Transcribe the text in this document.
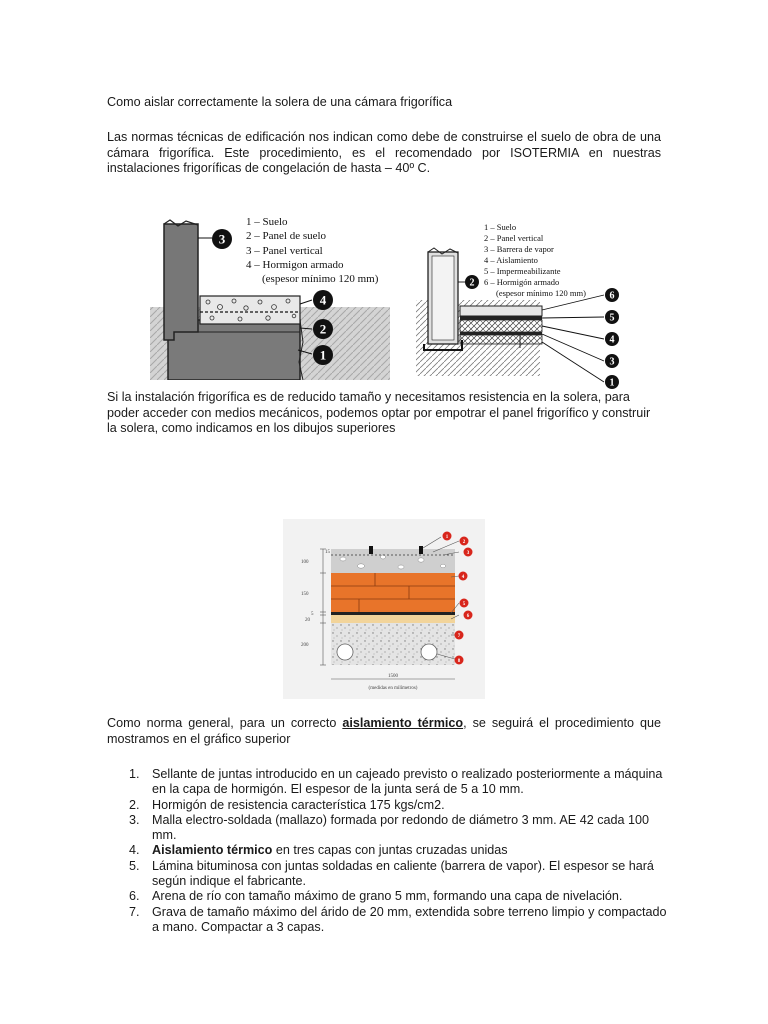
Como aislar correctamente la solera de una cámara frigorífica
Las normas técnicas de edificación nos indican como debe de construirse el suelo de obra de una cámara frigorífica. Este procedimiento, es el recomendado por ISOTERMIA en nuestras instalaciones frigoríficas de congelación de hasta – 40º C.
3
4
2
1
1 – Suelo
2 – Panel de suelo
3 – Panel vertical
4 – Hormigon armado
(espesor mínimo 120 mm)	2
6
5
4
3
1
1 – Suelo
2 – Panel vertical
3 – Barrera de vapor
4 – Aislamiento
5 – Impermeabilizante
6 – Hormigón armado
(espesor mínimo 120 mm)
Si la instalación frigorífica es de reducido tamaño y necesitamos resistencia en la solera, para poder acceder con medios mecánicos, podemos optar por empotrar el panel frigorífico y construir la solera, como indicamos en los dibujos superiores
15
100
150
5
20
200
1500
(medidas en milímetros)
1
2
3
4
5
6
7
8
Como norma general, para un correcto aislamiento térmico, se seguirá el procedimiento que mostramos en el gráfico superior
1. Sellante de juntas introducido en un cajeado previsto o realizado posteriormente a máquina en la capa de hormigón. El espesor de la junta será de 5 a 10 mm.
2. Hormigón de resistencia característica 175 kgs/cm2.
3. Malla electro-soldada (mallazo) formada por redondo de diámetro 3 mm. AE 42 cada 100 mm.
4. Aislamiento térmico en tres capas con juntas cruzadas unidas
5. Lámina bituminosa con juntas soldadas en caliente (barrera de vapor). El espesor se hará según indique el fabricante.
6. Arena de río con tamaño máximo de grano 5 mm, formando una capa de nivelación.
7. Grava de tamaño máximo del árido de 20 mm, extendida sobre terreno limpio y compactado a mano. Compactar a 3 capas.
